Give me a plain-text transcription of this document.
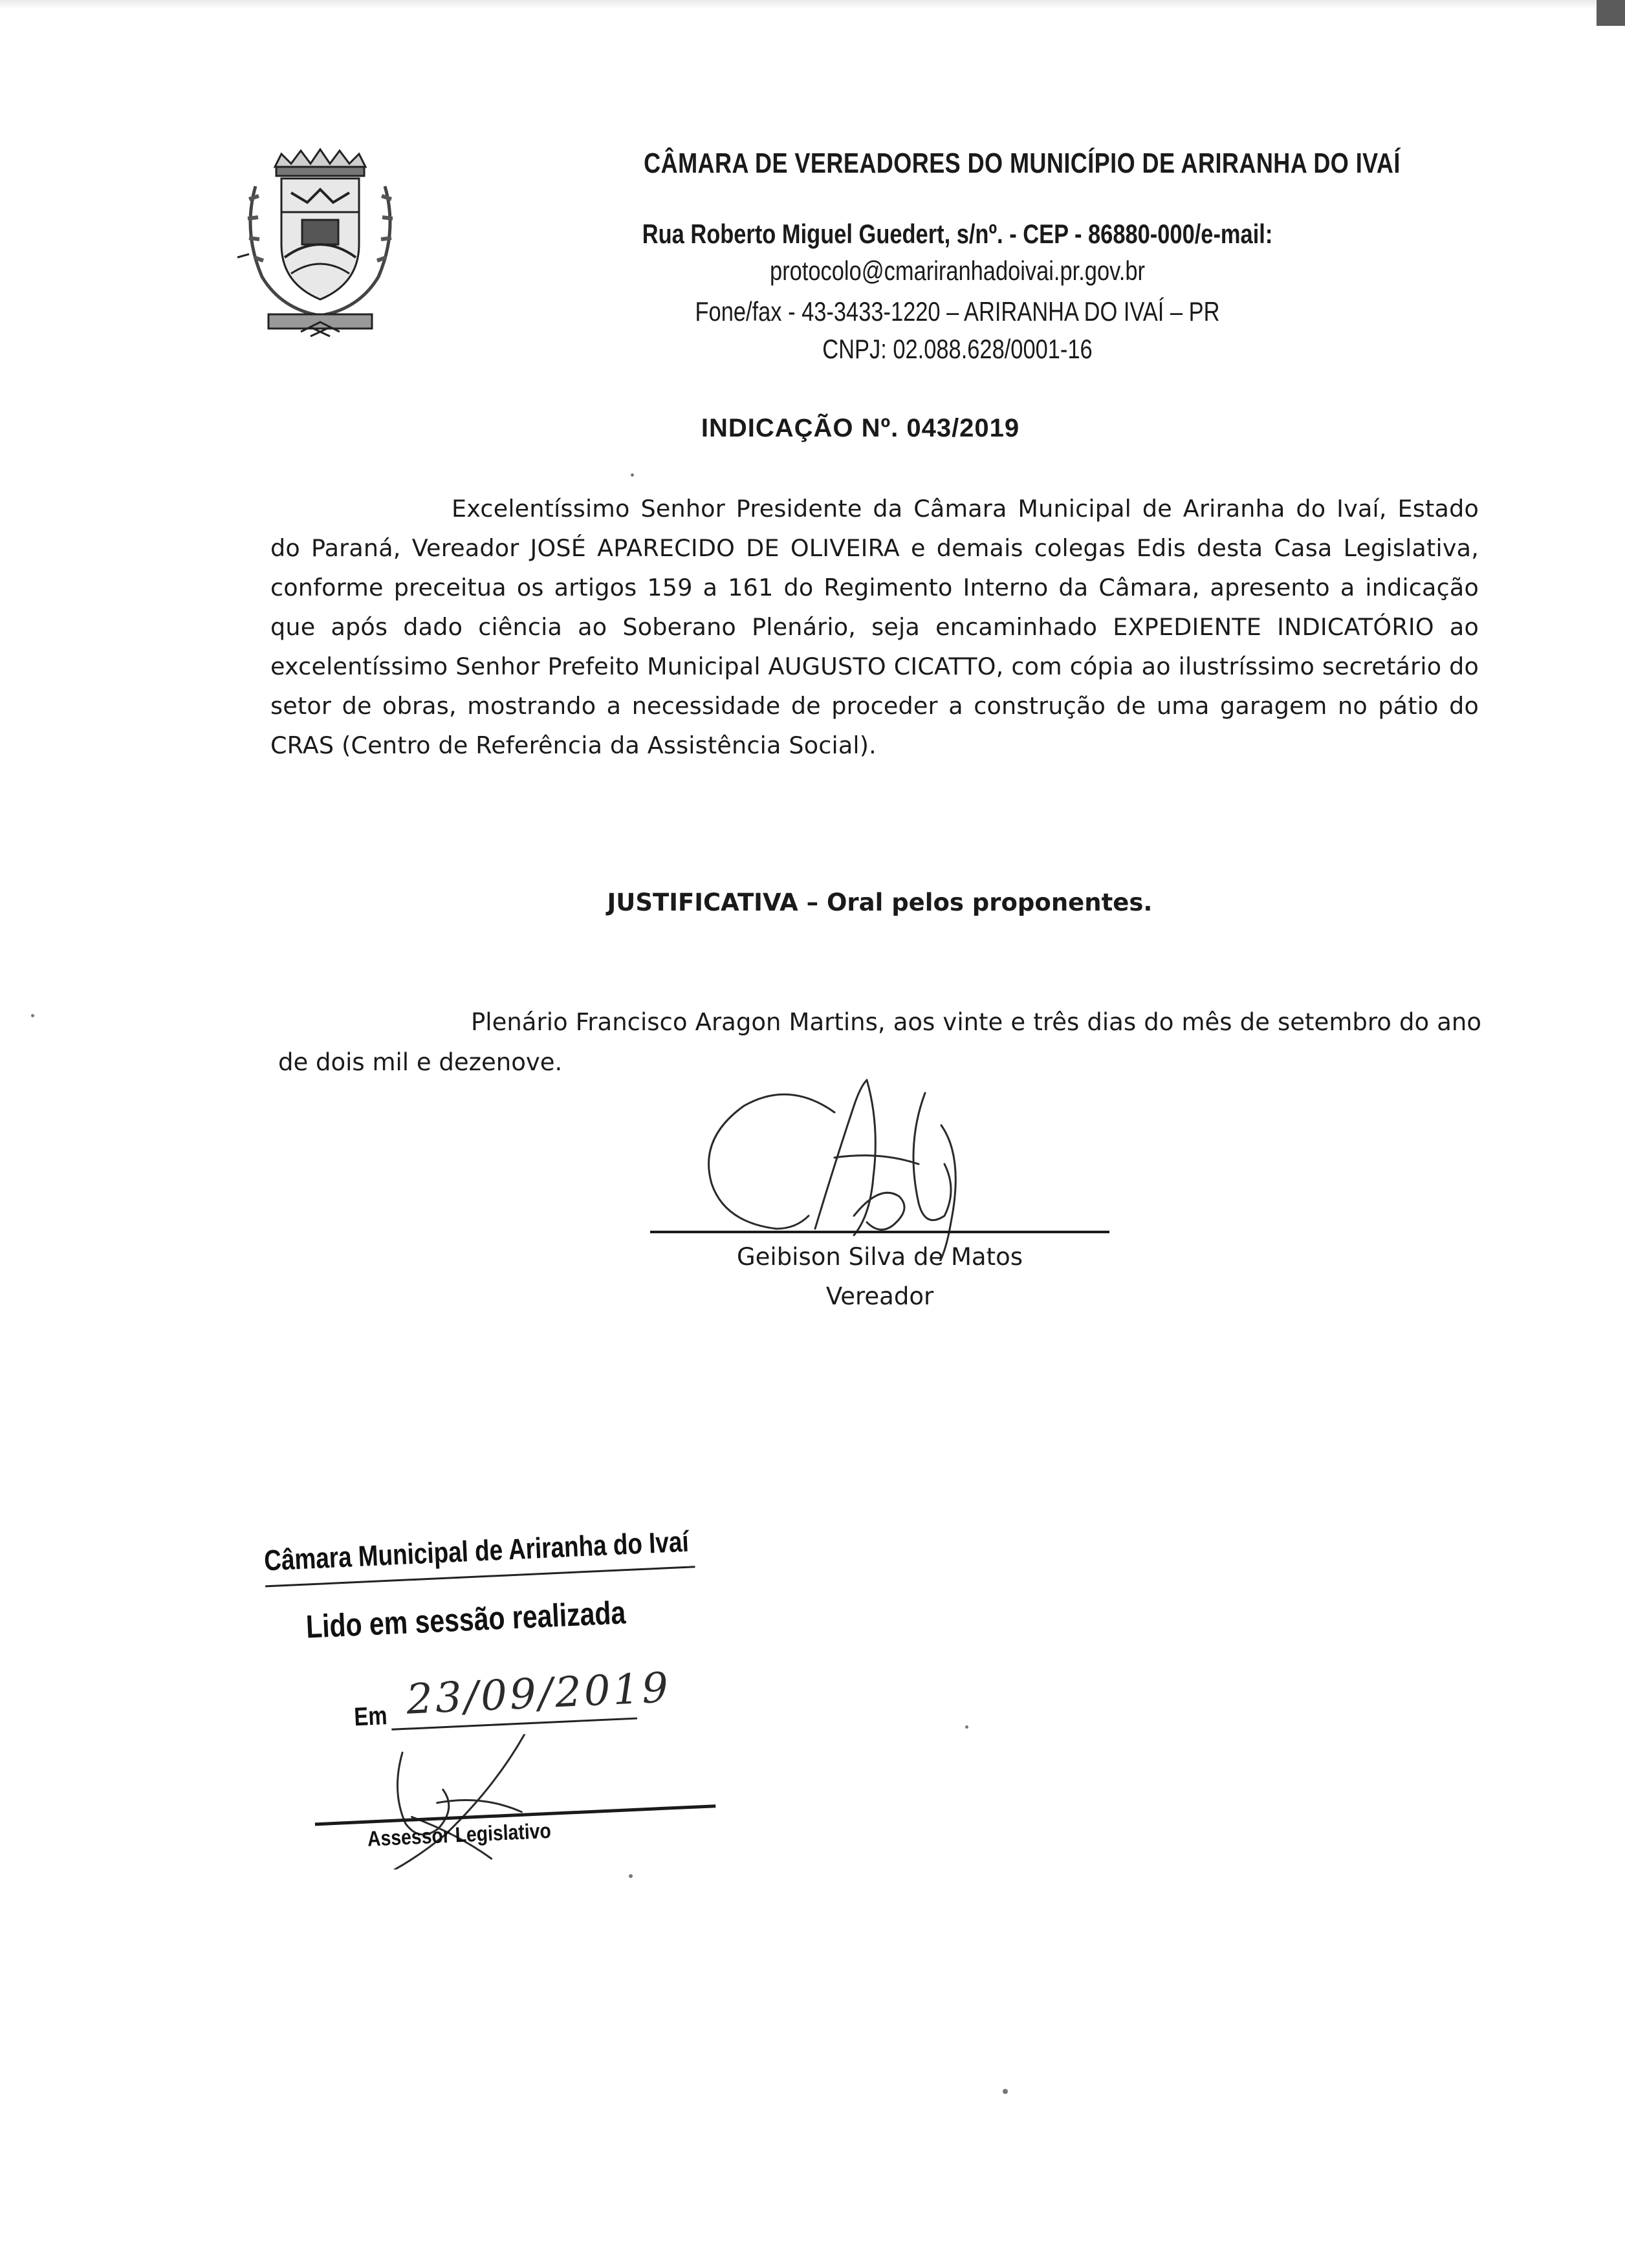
CÂMARA DE VEREADORES DO MUNICÍPIO DE ARIRANHA DO IVAÍ
Rua Roberto Miguel Guedert, s/nº. - CEP - 86880-000/e-mail:
protocolo@cmariranhadoivai.pr.gov.br
Fone/fax - 43-3433-1220 – ARIRANHA DO IVAÍ – PR
CNPJ: 02.088.628/0001-16
INDICAÇÃO Nº. 043/2019
Excelentíssimo Senhor Presidente da Câmara Municipal de Ariranha do Ivaí, Estado do Paraná, Vereador JOSÉ APARECIDO DE OLIVEIRA e demais colegas Edis desta Casa Legislativa, conforme preceitua os artigos 159 a 161 do Regimento Interno da Câmara, apresento a indicação que após dado ciência ao Soberano Plenário, seja encaminhado EXPEDIENTE INDICATÓRIO ao excelentíssimo Senhor Prefeito Municipal AUGUSTO CICATTO, com cópia ao ilustríssimo secretário do setor de obras, mostrando a necessidade de proceder a construção de uma garagem no pátio do CRAS (Centro de Referência da Assistência Social).
JUSTIFICATIVA – Oral pelos proponentes.
Plenário Francisco Aragon Martins, aos vinte e três dias do mês de setembro do ano de dois mil e dezenove.
Geibison Silva de Matos
Vereador
Câmara Municipal de Ariranha do Ivaí
Lido em sessão realizada
Em 23/09/2019
Assessor Legislativo
